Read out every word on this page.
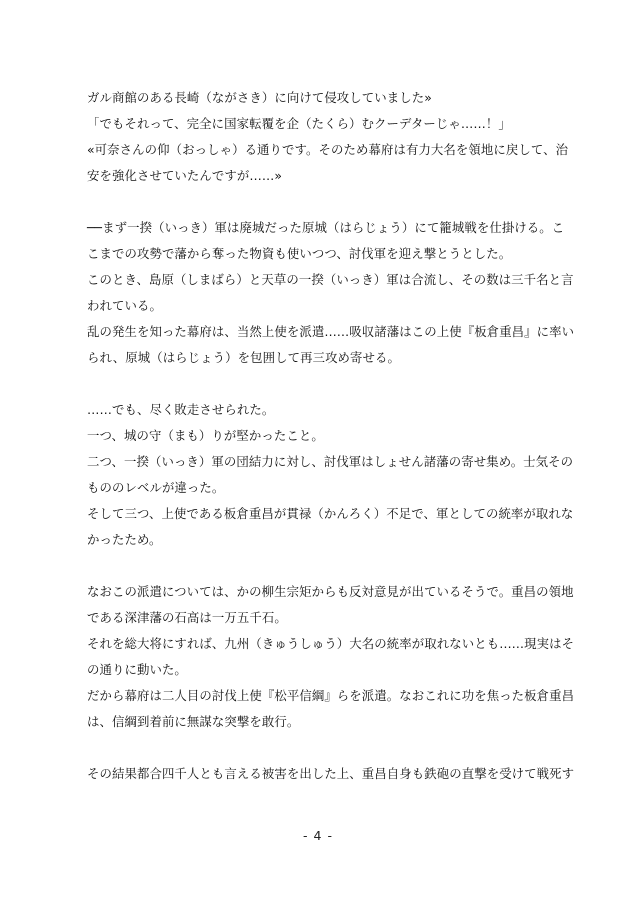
ガル商館のある長崎（ながさき）に向けて侵攻していました»
「でもそれって、完全に国家転覆を企（たくら）むクーデターじゃ……！」
«可奈さんの仰（おっしゃ）る通りです。そのため幕府は有力大名を領地に戻して、治
安を強化させていたんですが……»
──まず一揆（いっき）軍は廃城だった原城（はらじょう）にて籠城戦を仕掛ける。こ
こまでの攻勢で藩から奪った物資も使いつつ、討伐軍を迎え撃とうとした。
このとき、島原（しまばら）と天草の一揆（いっき）軍は合流し、その数は三千名と言
われている。
乱の発生を知った幕府は、当然上使を派遣……吸収諸藩はこの上使『板倉重昌』に率い
られ、原城（はらじょう）を包囲して再三攻め寄せる。
……でも、尽く敗走させられた。
一つ、城の守（まも）りが堅かったこと。
二つ、一揆（いっき）軍の団結力に対し、討伐軍はしょせん諸藩の寄せ集め。士気その
もののレベルが違った。
そして三つ、上使である板倉重昌が貫禄（かんろく）不足で、軍としての統率が取れな
かったため。
なおこの派遣については、かの柳生宗矩からも反対意見が出ているそうで。重昌の領地
である深津藩の石高は一万五千石。
それを総大将にすれば、九州（きゅうしゅう）大名の統率が取れないとも……現実はそ
の通りに動いた。
だから幕府は二人目の討伐上使『松平信綱』らを派遣。なおこれに功を焦った板倉重昌
は、信綱到着前に無謀な突撃を敢行。
その結果都合四千人とも言える被害を出した上、重昌自身も鉄砲の直撃を受けて戦死す
- 4 -
